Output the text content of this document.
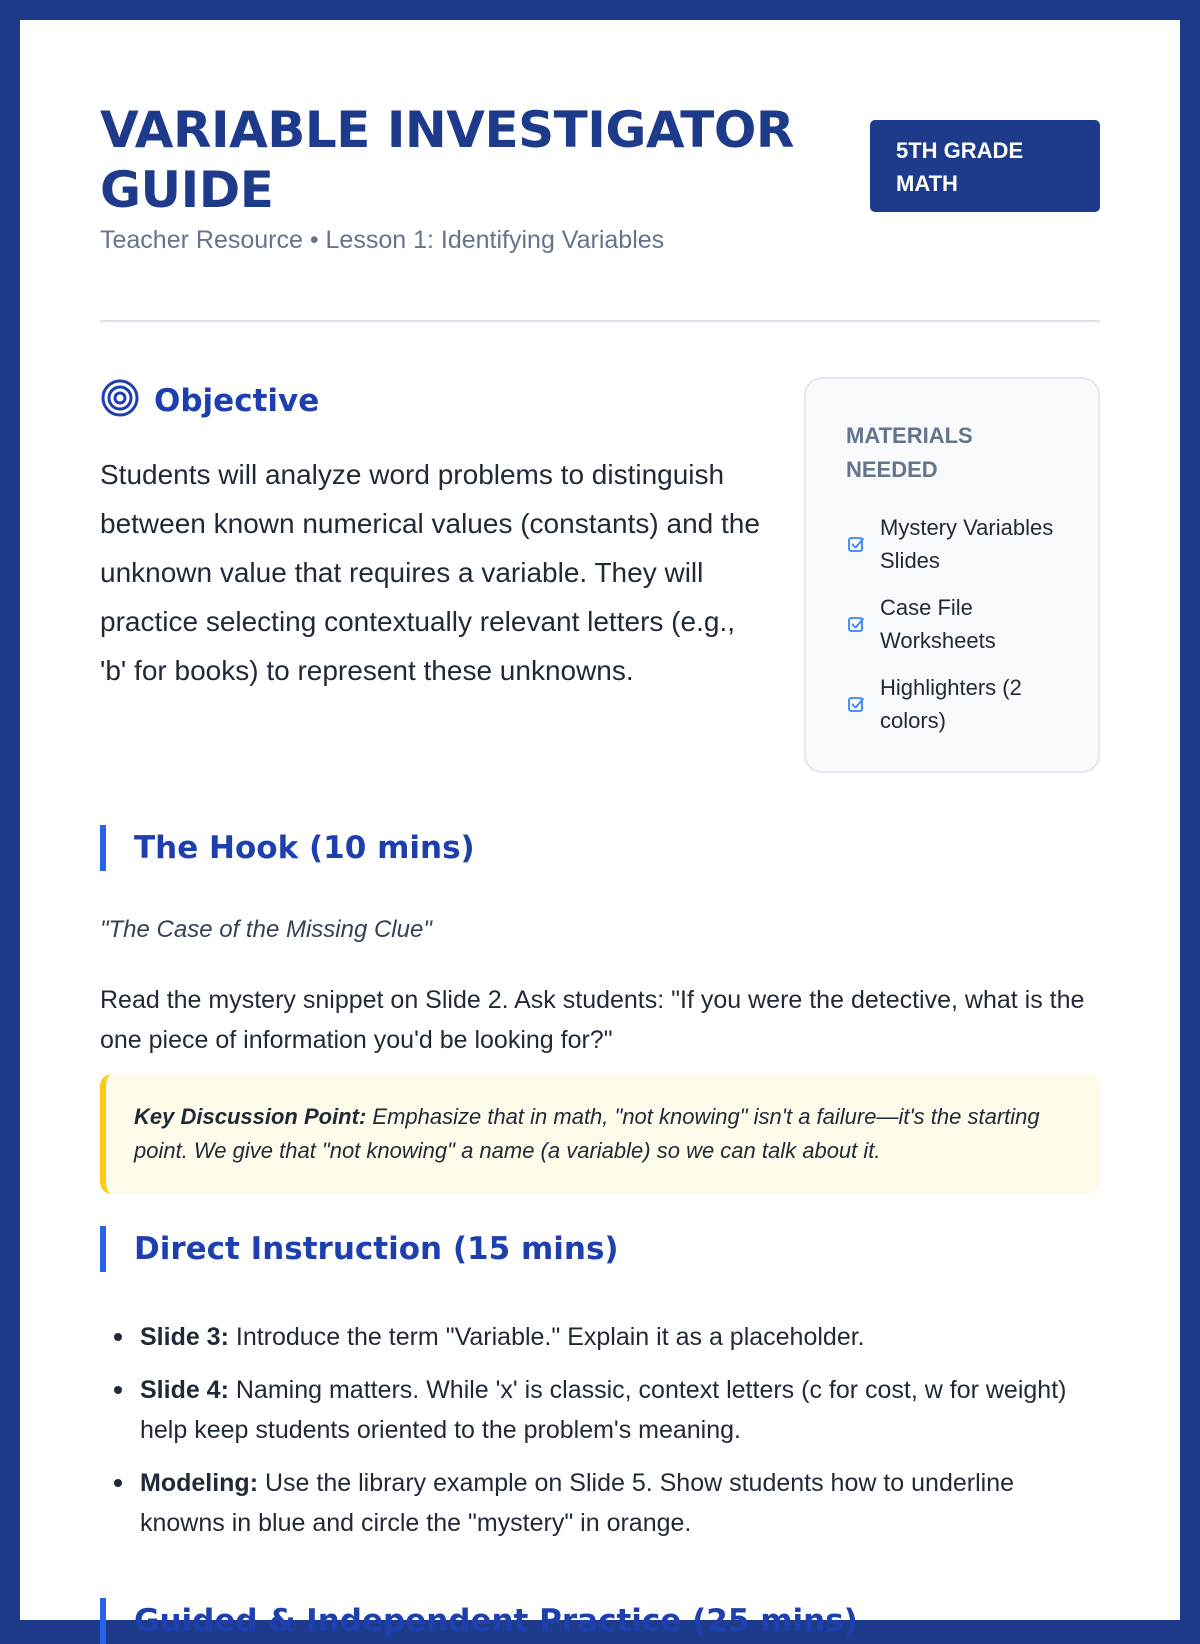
VARIABLE INVESTIGATOR GUIDE
Teacher Resource • Lesson 1: Identifying Variables
5TH GRADE MATH
Objective

Students will analyze word problems to distinguish between known numerical values (constants) and the unknown value that requires a variable. They will practice selecting contextually relevant letters (e.g., 'b' for books) to represent these unknowns.

MATERIALS NEEDED
Mystery Variables Slides
Case File Worksheets
Highlighters (2 colors)
The Hook (10 mins)
"The Case of the Missing Clue"

Read the mystery snippet on Slide 2. Ask students: "If you were the detective, what is the one piece of information you'd be looking for?"

Key Discussion Point: Emphasize that in math, "not knowing" isn't a failure—it's the starting point. We give that "not knowing" a name (a variable) so we can talk about it.
Direct Instruction (15 mins)
Slide 3: Introduce the term "Variable." Explain it as a placeholder.
Slide 4: Naming matters. While 'x' is classic, context letters (c for cost, w for weight) help keep students oriented to the problem's meaning.
Modeling: Use the library example on Slide 5. Show students how to underline knowns in blue and circle the "mystery" in orange.
Guided & Independent Practice (25 mins)
